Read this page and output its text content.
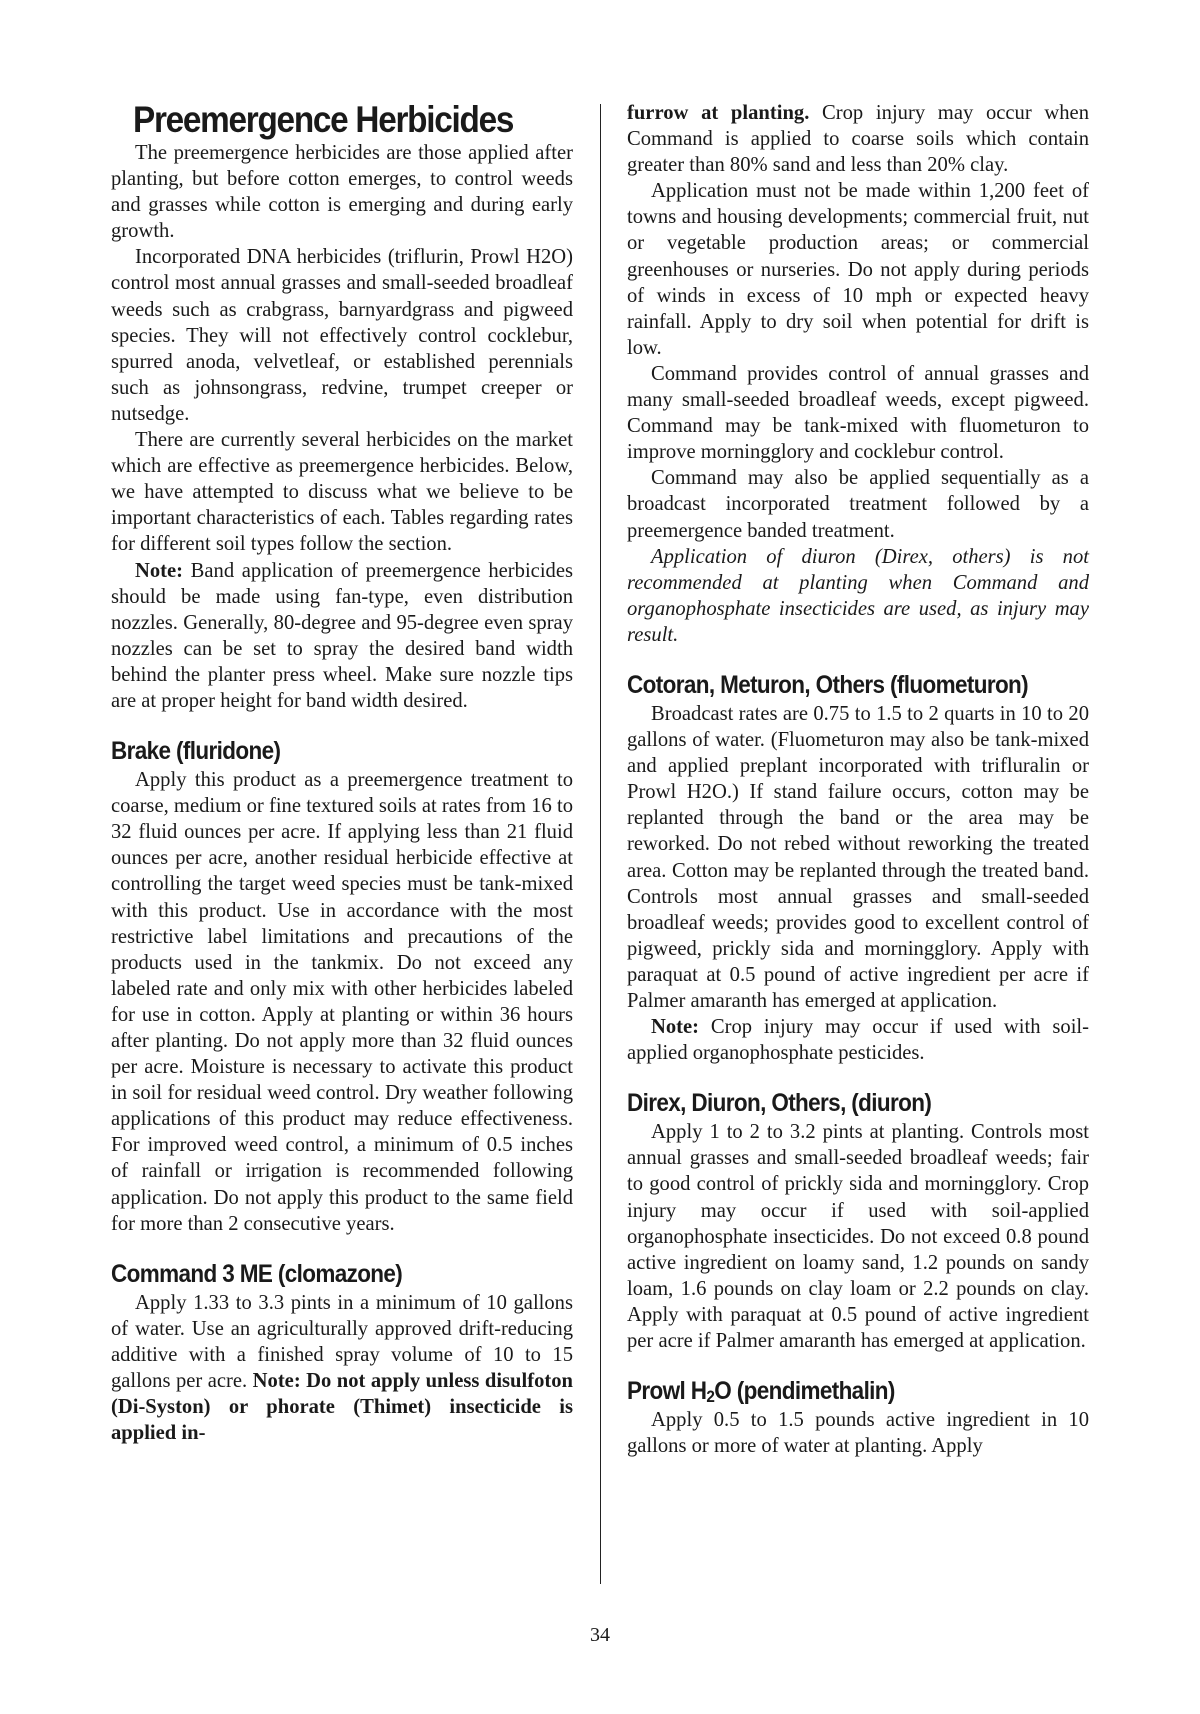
Preemergence Herbicides

The preemergence herbicides are those applied after planting, but before cotton emerges, to control weeds and grasses while cotton is emerging and during early growth.

Incorporated DNA herbicides (triflurin, Prowl H2O) control most annual grasses and small-seeded broadleaf weeds such as crabgrass, barnyardgrass and pigweed species. They will not effectively control cocklebur, spurred anoda, velvetleaf, or established perennials such as johnsongrass, redvine, trumpet creeper or nutsedge.

There are currently several herbicides on the market which are effective as preemergence herbicides. Below, we have attempted to discuss what we believe to be important characteristics of each. Tables regarding rates for different soil types follow the section.

Note: Band application of preemergence herbicides should be made using fan-type, even distribution nozzles. Generally, 80-degree and 95-degree even spray nozzles can be set to spray the desired band width behind the planter press wheel. Make sure nozzle tips are at proper height for band width desired.

Brake (fluridone)

Apply this product as a preemergence treatment to coarse, medium or fine textured soils at rates from 16 to 32 fluid ounces per acre. If applying less than 21 fluid ounces per acre, another residual herbicide effective at controlling the target weed species must be tank-mixed with this product. Use in accordance with the most restrictive label limitations and precautions of the products used in the tankmix. Do not exceed any labeled rate and only mix with other herbicides labeled for use in cotton. Apply at planting or within 36 hours after planting. Do not apply more than 32 fluid ounces per acre. Moisture is necessary to activate this product in soil for residual weed control. Dry weather following applications of this product may reduce effectiveness. For improved weed control, a minimum of 0.5 inches of rainfall or irrigation is recommended following application. Do not apply this product to the same field for more than 2 consecutive years.

Command 3 ME (clomazone)

Apply 1.33 to 3.3 pints in a minimum of 10 gallons of water. Use an agriculturally approved drift-reducing additive with a finished spray volume of 10 to 15 gallons per acre. Note: Do not apply unless disulfoton (Di-Syston) or phorate (Thimet) insecticide is applied in-

furrow at planting. Crop injury may occur when Command is applied to coarse soils which contain greater than 80% sand and less than 20% clay.

Application must not be made within 1,200 feet of towns and housing developments; commercial fruit, nut or vegetable production areas; or commercial greenhouses or nurseries. Do not apply during periods of winds in excess of 10 mph or expected heavy rainfall. Apply to dry soil when potential for drift is low.

Command provides control of annual grasses and many small-seeded broadleaf weeds, except pigweed. Command may be tank-mixed with fluometuron to improve morningglory and cocklebur control.

Command may also be applied sequentially as a broadcast incorporated treatment followed by a preemergence banded treatment.

Application of diuron (Direx, others) is not recommended at planting when Command and organophosphate insecticides are used, as injury may result.

Cotoran, Meturon, Others (fluometuron)

Broadcast rates are 0.75 to 1.5 to 2 quarts in 10 to 20 gallons of water. (Fluometuron may also be tank-mixed and applied preplant incorporated with trifluralin or Prowl H2O.) If stand failure occurs, cotton may be replanted through the band or the area may be reworked. Do not rebed without reworking the treated area. Cotton may be replanted through the treated band. Controls most annual grasses and small-seeded broadleaf weeds; provides good to excellent control of pigweed, prickly sida and morningglory. Apply with paraquat at 0.5 pound of active ingredient per acre if Palmer amaranth has emerged at application.

Note: Crop injury may occur if used with soil-applied organophosphate pesticides.

Direx, Diuron, Others, (diuron)

Apply 1 to 2 to 3.2 pints at planting. Controls most annual grasses and small-seeded broadleaf weeds; fair to good control of prickly sida and morningglory. Crop injury may occur if used with soil-applied organophosphate insecticides. Do not exceed 0.8 pound active ingredient on loamy sand, 1.2 pounds on sandy loam, 1.6 pounds on clay loam or 2.2 pounds on clay. Apply with paraquat at 0.5 pound of active ingredient per acre if Palmer amaranth has emerged at application.

Prowl $H_2O$ (pendimethalin)

Apply 0.5 to 1.5 pounds active ingredient in 10 gallons or more of water at planting. Apply

34
